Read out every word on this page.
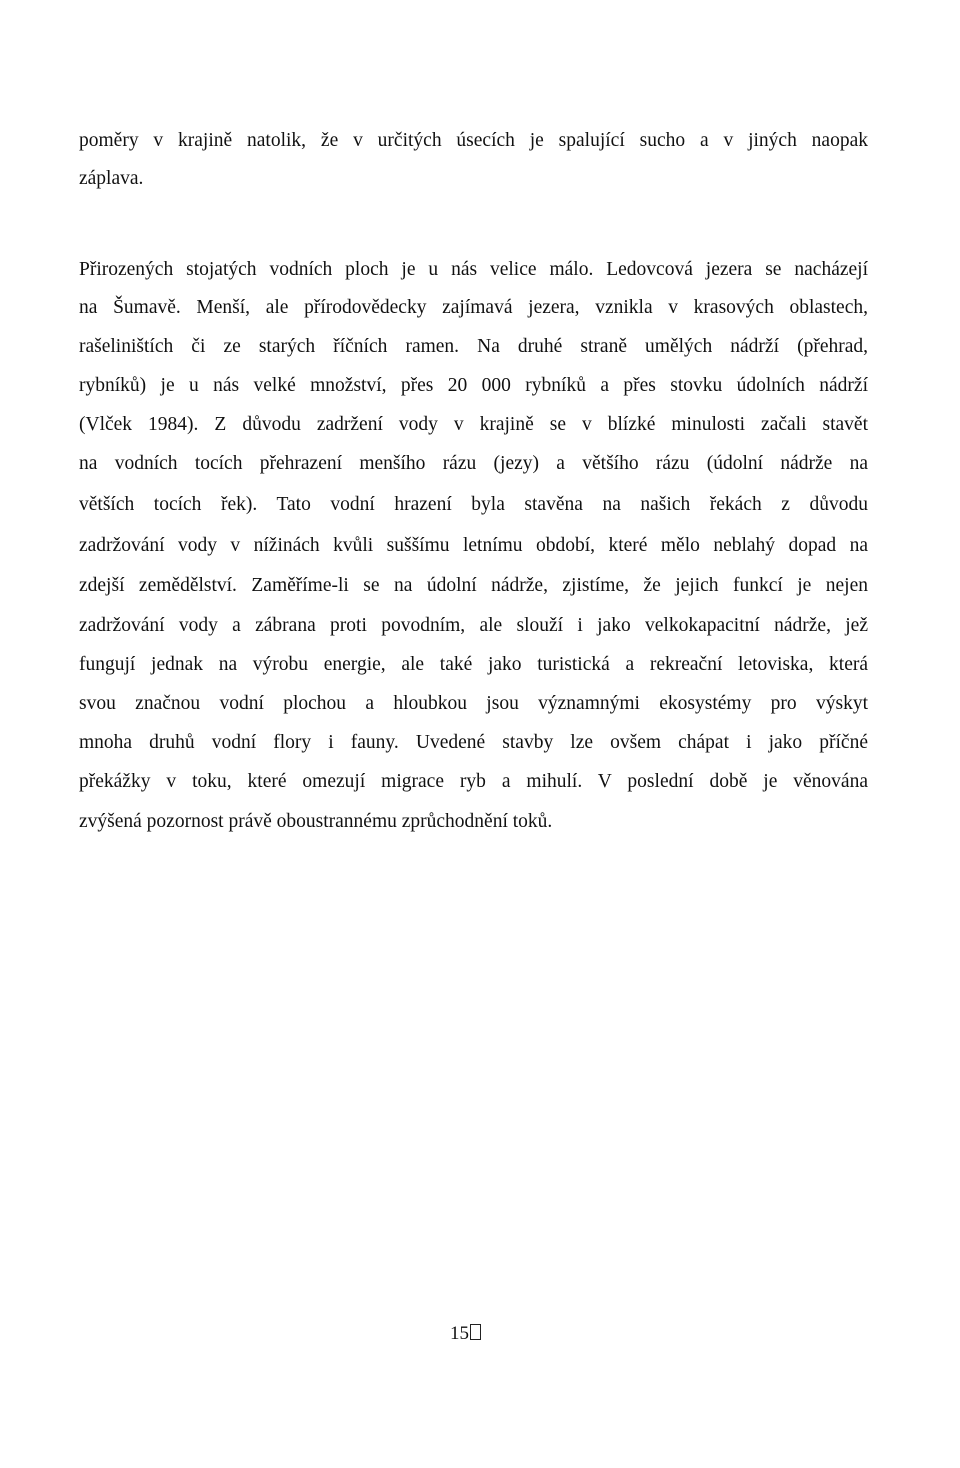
poměry v krajině natolik, že v určitých úsecích je spalující sucho a v jiných naopak
záplava.
Přirozených stojatých vodních ploch je u nás velice málo. Ledovcová jezera se nacházejí
na Šumavě. Menší, ale přírodovědecky zajímavá jezera, vznikla v krasových oblastech,
rašeliništích či ze starých říčních ramen. Na druhé straně umělých nádrží (přehrad,
rybníků) je u nás velké množství, přes 20 000 rybníků a přes stovku údolních nádrží
(Vlček 1984). Z důvodu zadržení vody v krajině se v blízké minulosti začali stavět
na vodních tocích přehrazení menšího rázu (jezy) a většího rázu (údolní nádrže na
větších tocích řek). Tato vodní hrazení byla stavěna na našich řekách z důvodu
zadržování vody v nížinách kvůli suššímu letnímu období, které mělo neblahý dopad na
zdejší zemědělství. Zaměříme-li se na údolní nádrže, zjistíme, že jejich funkcí je nejen
zadržování vody a zábrana proti povodním, ale slouží i jako velkokapacitní nádrže, jež
fungují jednak na výrobu energie, ale také jako turistická a rekreační letoviska, která
svou značnou vodní plochou a hloubkou jsou významnými ekosystémy pro výskyt
mnoha druhů vodní flory i fauny. Uvedené stavby lze ovšem chápat i jako příčné
překážky v toku, které omezují migrace ryb a mihulí. V poslední době je věnována
zvýšená pozornost právě oboustrannému zprůchodnění toků.
15
